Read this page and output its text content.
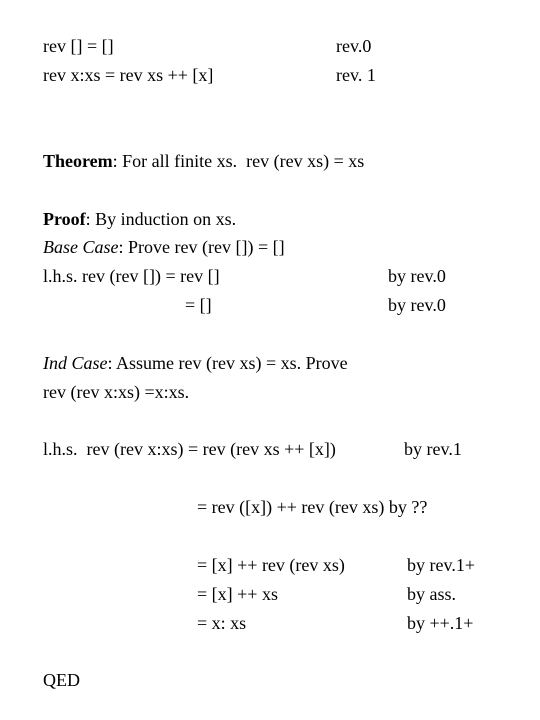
rev [] = []	rev.0
rev x:xs = rev xs ++ [x]	rev. 1
Theorem: For all finite xs.  rev (rev xs) = xs
Proof: By induction on xs.
Base Case: Prove rev (rev []) = []
l.h.s. rev (rev []) = rev []	by rev.0
= []	by rev.0
Ind Case: Assume rev (rev xs) = xs. Prove
rev (rev x:xs) =x:xs.
l.h.s.  rev (rev x:xs) = rev (rev xs ++ [x])	by rev.1
= rev ([x]) ++ rev (rev xs) by ??
= [x] ++ rev (rev xs)	by rev.1+
= [x] ++ xs	by ass.
= x: xs	by ++.1+
QED
